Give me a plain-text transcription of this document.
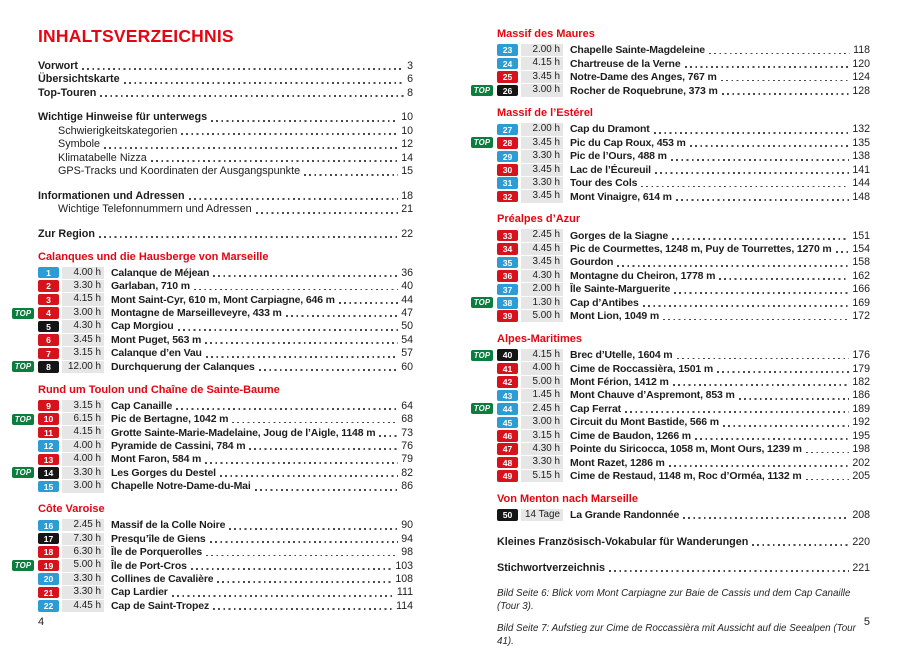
INHALTSVERZEICHNIS
Vorwort	3
Übersichtskarte	6
Top-Touren	8
Wichtige Hinweise für unterwegs	10
Schwierigkeitskategorien	10
Symbole	12
Klimatabelle Nizza	14
GPS-Tracks und Koordinaten der Ausgangspunkte	15
Informationen und Adressen	18
Wichtige Telefonnummern und Adressen	21
Zur Region	22
Calanques und die Hausberge von Marseille
1	4.00 h Calanque de Méjean	36
2	3.30 h Garlaban, 710 m	40
3	4.15 h Mont Saint-Cyr, 610 m, Mont Carpiagne, 646 m	44
TOP	4	3.00 h Montagne de Marseilleveyre, 433 m	47
5	4.30 h Cap Morgiou	50
6	3.45 h Mont Puget, 563 m	54
7	3.15 h Calanque d’en Vau	57
TOP	8	12.00 h Durchquerung der Calanques	60
Rund um Toulon und Chaîne de Sainte-Baume
9	3.15 h Cap Canaille	64
TOP	10	6.15 h Pic de Bertagne, 1042 m	68
11	4.15 h Grotte Sainte-Marie-Madelaine, Joug de l’Aigle, 1148 m 73
12	4.00 h Pyramide de Cassini, 784 m	76
13	4.00 h Mont Faron, 584 m	79
TOP	14	3.30 h Les Gorges du Destel	82
15	3.00 h Chapelle Notre-Dame-du-Mai	86
Côte Varoise
16	2.45 h Massif de la Colle Noire	90
17	7.30 h Presqu’île de Giens	94
18	6.30 h Île de Porquerolles	98
TOP	19	5.00 h Île de Port-Cros	103
20	3.30 h Collines de Cavalière	108
21	3.30 h Cap Lardier	111
22	4.45 h Cap de Saint-Tropez	114
4
Massif des Maures
23	2.00 h Chapelle Sainte-Magdeleine	118
24	4.15 h Chartreuse de la Verne	120
25	3.45 h Notre-Dame des Anges, 767 m	124
TOP	26	3.00 h Rocher de Roquebrune, 373 m	128
Massif de l’Estérel
27	2.00 h Cap du Dramont	132
TOP	28	3.45 h Pic du Cap Roux, 453 m	135
29	3.30 h Pic de l’Ours, 488 m	138
30	3.45 h Lac de l’Écureuil	141
31	3.30 h Tour des Cols	144
32	3.45 h Mont Vinaigre, 614 m	148
Préalpes d’Azur
33	2.45 h Gorges de la Siagne	151
34	4.45 h Pic de Courmettes, 1248 m, Puy de Tourrettes, 1270 m 154
35	3.45 h Gourdon	158
36	4.30 h Montagne du Cheiron, 1778 m	162
37	2.00 h Île Sainte-Marguerite	166
TOP	38	1.30 h Cap d’Antibes	169
39	5.00 h Mont Lion, 1049 m	172
Alpes-Maritimes
TOP	40	4.15 h Brec d’Utelle, 1604 m	176
41	4.00 h Cime de Roccassièra, 1501 m	179
42	5.00 h Mont Férion, 1412 m	182
43	1.45 h Mont Chauve d’Aspremont, 853 m	186
TOP	44	2.45 h Cap Ferrat	189
45	3.00 h Circuit du Mont Bastide, 566 m	192
46	3.15 h Cime de Baudon, 1266 m	195
47	4.30 h Pointe du Siricocca, 1058 m, Mont Ours, 1239 m	198
48	3.30 h Mont Razet, 1286 m	202
49	5.15 h Cime de Restaud, 1148 m, Roc d’Orméa, 1132 m	205
Von Menton nach Marseille
50	14 Tage La Grande Randonnée	208
Kleines Französisch-Vokabular für Wanderungen	220
Stichwortverzeichnis	221
Bild Seite 6: Blick vom Mont Carpiagne zur Baie de Cassis und dem Cap Canaille (Tour 3).
Bild Seite 7: Aufstieg zur Cime de Roccassièra mit Aussicht auf die Seealpen (Tour 41).
5
